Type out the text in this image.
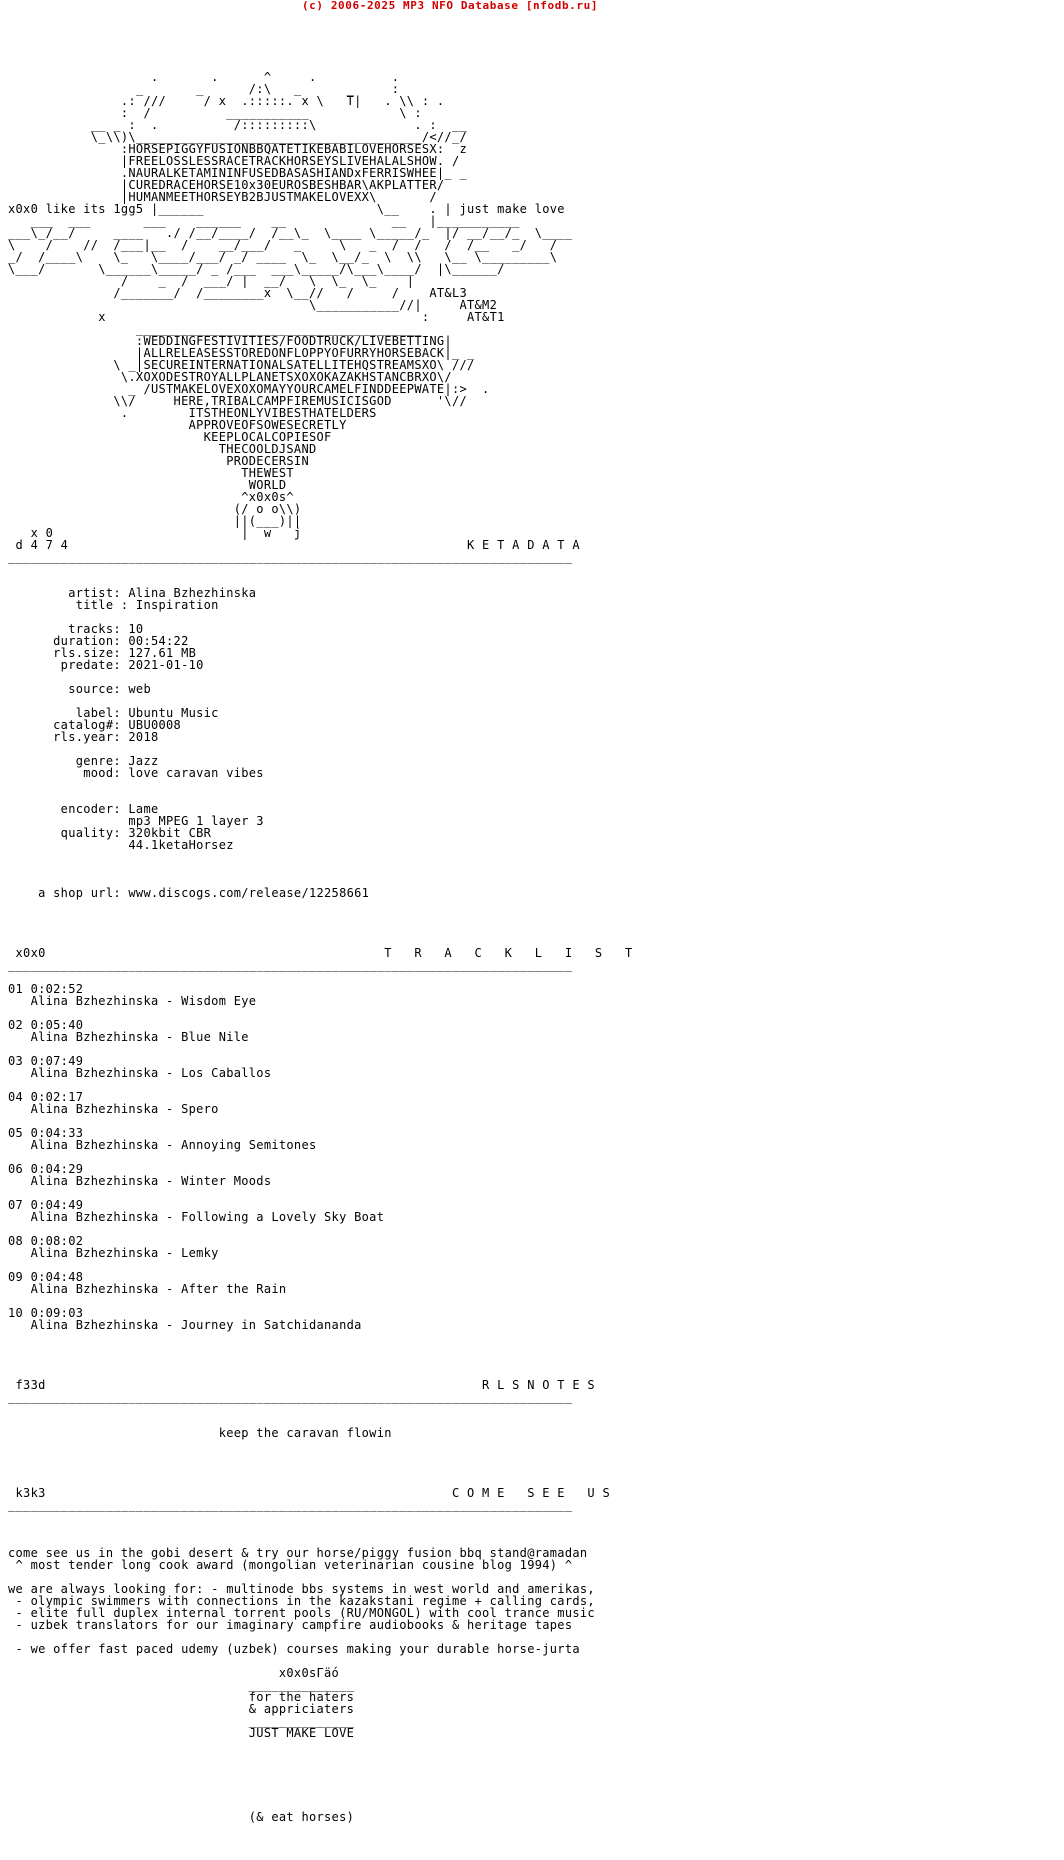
(c) 2006-2025 MP3 NFO Database [nfodb.ru]
.       .      ^     .          .
_       _      /:\   _      _     :
.: ///     / x  .:::::. x \   T|   . \\ : .
:  /          ___________            \ :
__ _ :  .          /:::::::::\             . :  __
\_\\)\______________________________________/<//_/
:HORSEPIGGYFUSIONBBQATETIKEBABILOVEHORSESX:  z
|FREELOSSLESSRACETRACKHORSEYSLIVEHALALSHOW. /
.NAURALKETAMININFUSEDBASASHIANDxFERRISWHEE|_ _
|CUREDRACEHORSE10x30EUROSBESHBAR\AKPLATTER/
|HUMANMEETHORSEYB2BJUSTMAKELOVEXX\       /
x0x0 like its 1gg5 |______                       \__    . | just make love
___  ___       ___    ______    __              __   |___________
___\_/__/     ____   ./ /__/____/  /__\_  \____ \_____/_  |/ __/__/_  \____
\    /    //  /___|__  /    __/___/   _     \   _  /  /   /  /__   _/   /
_/  /____\    \_   \____/___/ _/ ____  \_  \__/_  \  \\   \__ \_________\
\___/       \______\_____/ _ /___  ___\_____/\___\____/  |\______/
/    _  /  ___/ |  __/   \  \_  \_    |
/_______/  /________x  \__//   /     /    AT&L3
\___________//|     AT&M2
x                                          :     AT&T1
______________________________________
:WEDDINGFESTIVITIES/FOODTRUCK/LIVEBETTING|
|ALLRELEASESSTOREDONFLOPPYOFURRYHORSEBACK|_ _
\ _|SECUREINTERNATIONALSATELLITEHQSTREAMSXO\ ///
\.XOXODESTROYALLPLANETSXOXOKAZAKHSTANCBRXO\/
_ /USTMAKELOVEXOXOMAYYOURCAMELFINDDEEPWATE|:>  .
\\/     HERE,TRIBALCAMPFIREMUSICISGOD      '\//
.        ITSTHEONLYVIBESTHATELDERS
APPROVEOFSOWESECRETLY
KEEPLOCALCOPIESOF
THECOOLDJSAND
PRODECERSIN
THEWEST
WORLD
^x0x0s^
(/ o o\\)
||(___)||
x 0                         |  w   j
d 4 7 4                                                     K E T A D A T A
___________________________________________________________________________

artist: Alina Bzhezhinska
title : Inspiration

tracks: 10
duration: 00:54:22
rls.size: 127.61 MB
predate: 2021-01-10

source: web

label: Ubuntu Music
catalog#: UBU0008
rls.year: 2018

genre: Jazz
mood: love caravan vibes

encoder: Lame
mp3 MPEG 1 layer 3
quality: 320kbit CBR
44.1ketaHorsez

a shop url: www.discogs.com/release/12258661

x0x0                                             T   R   A   C   K   L   I   S   T
___________________________________________________________________________

01 0:02:52
Alina Bzhezhinska - Wisdom Eye

02 0:05:40
Alina Bzhezhinska - Blue Nile

03 0:07:49
Alina Bzhezhinska - Los Caballos

04 0:02:17
Alina Bzhezhinska - Spero

05 0:04:33
Alina Bzhezhinska - Annoying Semitones

06 0:04:29
Alina Bzhezhinska - Winter Moods

07 0:04:49
Alina Bzhezhinska - Following a Lovely Sky Boat

08 0:08:02
Alina Bzhezhinska - Lemky

09 0:04:48
Alina Bzhezhinska - After the Rain

10 0:09:03
Alina Bzhezhinska - Journey in Satchidananda

f33d                                                          R L S N O T E S
___________________________________________________________________________

keep the caravan flowin

k3k3                                                      C O M E   S E E   U S
___________________________________________________________________________

come see us in the gobi desert & try our horse/piggy fusion bbq stand@ramadan
^ most tender long cook award (mongolian veterinarian cousine blog 1994) ^

we are always looking for: - multinode bbs systems in west world and amerikas,
- olympic swimmers with connections in the kazakstani regime + calling cards,
- elite full duplex internal torrent pools (RU/MONGOL) with cool trance music
- uzbek translators for our imaginary campfire audiobooks & heritage tapes

- we offer fast paced udemy (uzbek) courses making your durable horse-jurta

x0x0sГäó
______________
for the haters
& appriciaters
______________
JUST MAKE LOVE

(& eat horses)
